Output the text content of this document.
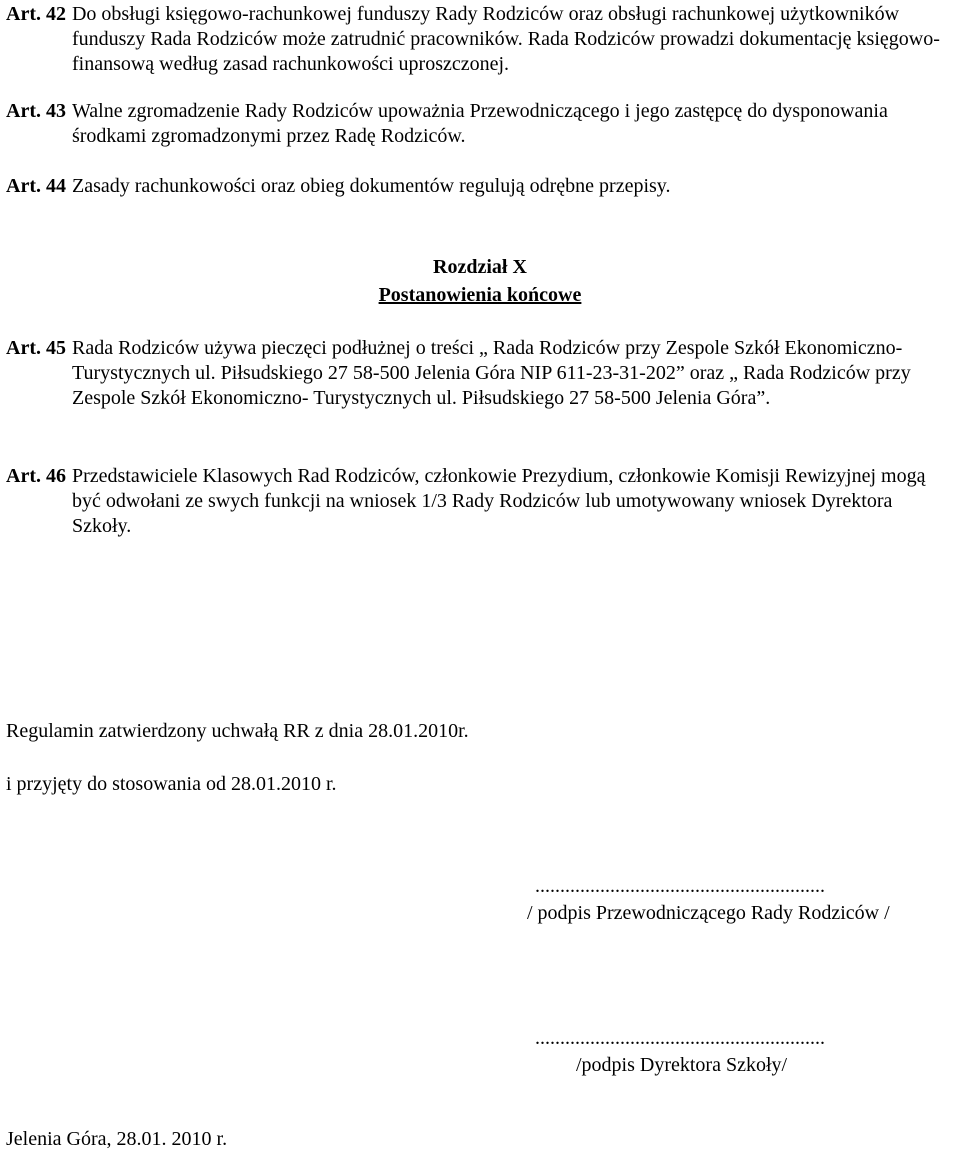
Art. 42 Do obsługi księgowo-rachunkowej funduszy Rady Rodziców oraz obsługi rachunkowej użytkowników funduszy Rada Rodziców może zatrudnić pracowników. Rada Rodziców prowadzi dokumentację księgowo-finansową według zasad rachunkowości uproszczonej.
Art. 43 Walne zgromadzenie Rady Rodziców upoważnia Przewodniczącego i jego zastępcę do dysponowania środkami zgromadzonymi przez Radę Rodziców.
Art. 44 Zasady rachunkowości oraz obieg dokumentów regulują odrębne przepisy.
Rozdział X
Postanowienia końcowe
Art. 45 Rada Rodziców używa pieczęci podłużnej o treści „ Rada Rodziców przy Zespole Szkół Ekonomiczno- Turystycznych ul. Piłsudskiego 27 58-500 Jelenia Góra NIP 611-23-31-202” oraz „ Rada Rodziców przy Zespole Szkół Ekonomiczno- Turystycznych ul. Piłsudskiego 27 58-500 Jelenia Góra”.
Art. 46 Przedstawiciele Klasowych Rad Rodziców, członkowie Prezydium, członkowie Komisji Rewizyjnej mogą być odwołani ze swych funkcji na wniosek 1/3 Rady Rodziców lub umotywowany wniosek Dyrektora Szkoły.
Regulamin zatwierdzony uchwałą RR z dnia 28.01.2010r.
i przyjęty do stosowania od 28.01.2010 r.
..........................................................
/ podpis Przewodniczącego Rady Rodziców /
..........................................................
/podpis Dyrektora Szkoły/
Jelenia Góra, 28.01. 2010 r.
